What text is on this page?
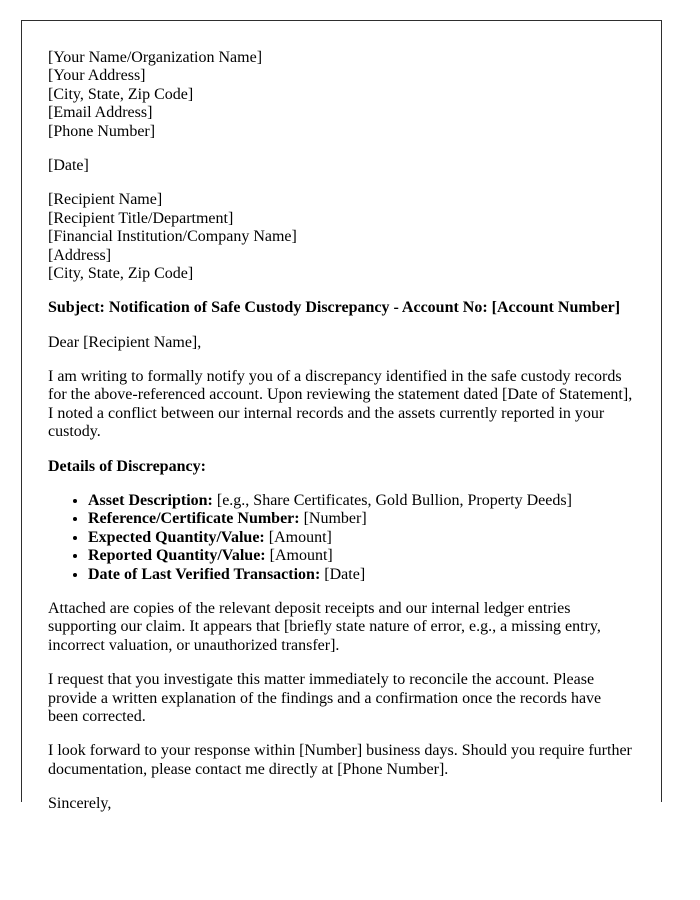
[Your Name/Organization Name]
[Your Address]
[City, State, Zip Code]
[Email Address]
[Phone Number]

[Date]

[Recipient Name]
[Recipient Title/Department]
[Financial Institution/Company Name]
[Address]
[City, State, Zip Code]

Subject: Notification of Safe Custody Discrepancy - Account No: [Account Number]

Dear [Recipient Name],

I am writing to formally notify you of a discrepancy identified in the safe custody records for the above-referenced account. Upon reviewing the statement dated [Date of Statement], I noted a conflict between our internal records and the assets currently reported in your custody.

Details of Discrepancy:

• Asset Description: [e.g., Share Certificates, Gold Bullion, Property Deeds]
• Reference/Certificate Number: [Number]
• Expected Quantity/Value: [Amount]
• Reported Quantity/Value: [Amount]
• Date of Last Verified Transaction: [Date]

Attached are copies of the relevant deposit receipts and our internal ledger entries supporting our claim. It appears that [briefly state nature of error, e.g., a missing entry, incorrect valuation, or unauthorized transfer].

I request that you investigate this matter immediately to reconcile the account. Please provide a written explanation of the findings and a confirmation once the records have been corrected.

I look forward to your response within [Number] business days. Should you require further documentation, please contact me directly at [Phone Number].

Sincerely,
